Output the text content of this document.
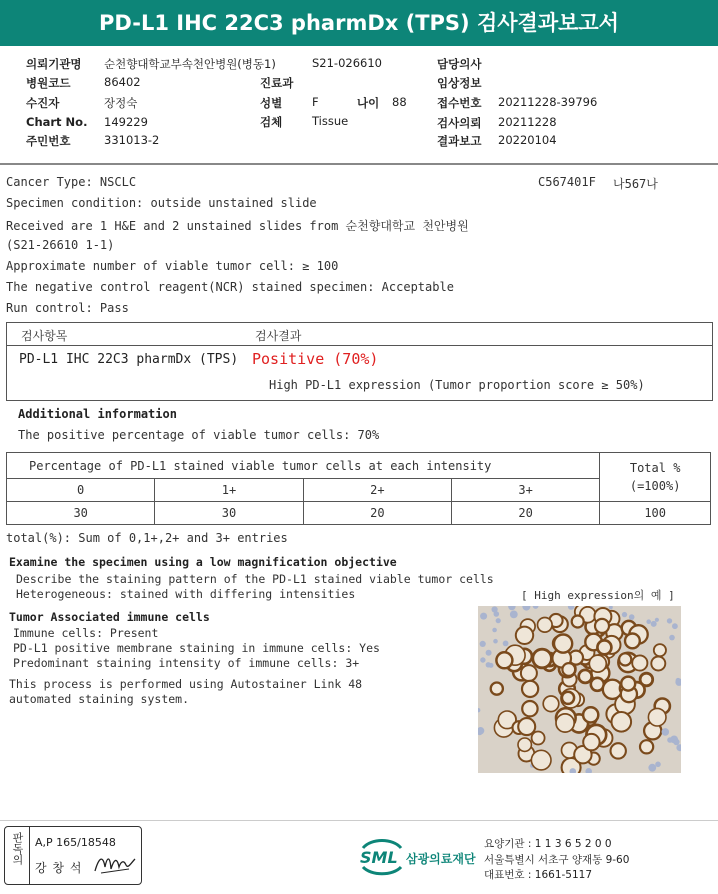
PD-L1 IHC 22C3 pharmDx (TPS) 검사결과보고서
의뢰기관명 순천향대학교부속천안병원(병동1)	S21-026610	담당의사
병원코드	86402	진료과	임상정보
수진자	장정숙	성별	F	나이 88	접수번호 20211228-39796
Chart No. 149229	검체	Tissue	검사의뢰 20211228
주민번호	331013-2	결과보고 20220104
Cancer Type: NSCLC	C567401F 나567나
Specimen condition: outside unstained slide
Received are 1 H&E and 2 unstained slides from 순천향대학교 천안병원
(S21-26610 1-1)
Approximate number of viable tumor cell: ≥ 100
The negative control reagent(NCR) stained specimen: Acceptable
Run control: Pass
검사항목	검사결과
PD-L1 IHC 22C3 pharmDx (TPS) Positive (70%)
High PD-L1 expression (Tumor proportion score ≥ 50%)
Additional information
The positive percentage of viable tumor cells: 70%
Percentage of PD-L1 stained viable tumor cells at each intensity				Total %
(=100%)

0	1+	2+	3+	
30	30	20	20	100
total(%): Sum of 0,1+,2+ and 3+ entries
Examine the specimen using a low magnification objective
Describe the staining pattern of the PD-L1 stained viable tumor cells
Heterogeneous: stained with differing intensities	[ High expression의 예 ]
Tumor Associated immune cells
Immune cells: Present
PD-L1 positive membrane staining in immune cells: Yes
Predominant staining intensity of immune cells: 3+
This process is performed using Autostainer Link 48
automated staining system.
판독의	A,P 165/18548
강 창 석
SML 삼광의료재단
요양기관 : 1 1 3 6 5 2 0 0
서울특별시 서초구 양재동 9-60
대표번호 : 1661-5117
